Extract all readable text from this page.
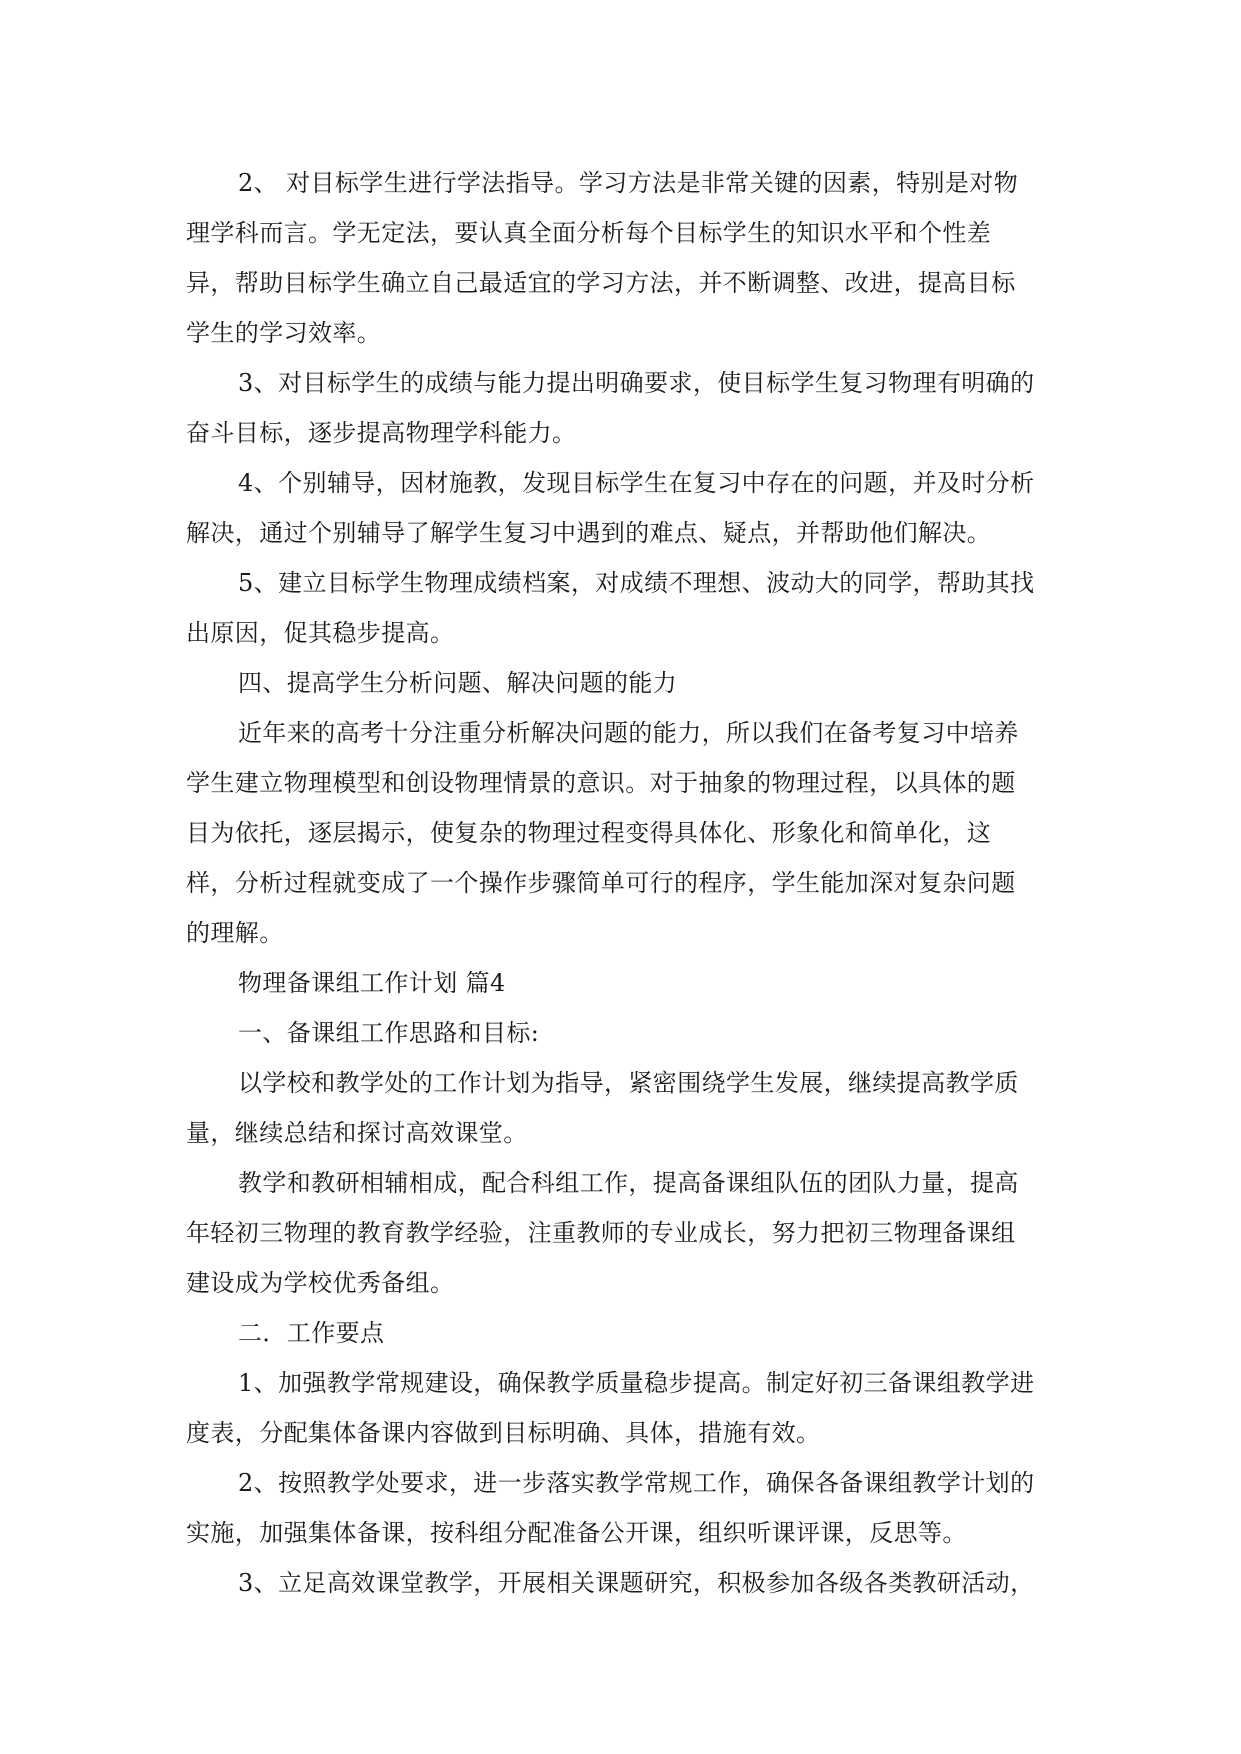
2、 对目标学生进行学法指导。学习方法是非常关键的因素，特别是对物
理学科而言。学无定法，要认真全面分析每个目标学生的知识水平和个性差
异，帮助目标学生确立自己最适宜的学习方法，并不断调整、改进，提高目标
学生的学习效率。
3、对目标学生的成绩与能力提出明确要求，使目标学生复习物理有明确的
奋斗目标，逐步提高物理学科能力。
4、个别辅导，因材施教，发现目标学生在复习中存在的问题，并及时分析
解决，通过个别辅导了解学生复习中遇到的难点、疑点，并帮助他们解决。
5、建立目标学生物理成绩档案，对成绩不理想、波动大的同学，帮助其找
出原因，促其稳步提高。
四、提高学生分析问题、解决问题的能力
近年来的高考十分注重分析解决问题的能力，所以我们在备考复习中培养
学生建立物理模型和创设物理情景的意识。对于抽象的物理过程，以具体的题
目为依托，逐层揭示，使复杂的物理过程变得具体化、形象化和简单化，这
样，分析过程就变成了一个操作步骤简单可行的程序，学生能加深对复杂问题
的理解。
物理备课组工作计划 篇4
一、备课组工作思路和目标:
以学校和教学处的工作计划为指导，紧密围绕学生发展，继续提高教学质
量，继续总结和探讨高效课堂。
教学和教研相辅相成，配合科组工作，提高备课组队伍的团队力量，提高
年轻初三物理的教育教学经验，注重教师的专业成长，努力把初三物理备课组
建设成为学校优秀备组。
二．工作要点
1、加强教学常规建设，确保教学质量稳步提高。制定好初三备课组教学进
度表，分配集体备课内容做到目标明确、具体，措施有效。
2、按照教学处要求，进一步落实教学常规工作，确保各备课组教学计划的
实施，加强集体备课，按科组分配准备公开课，组织听课评课，反思等。
3、立足高效课堂教学，开展相关课题研究，积极参加各级各类教研活动，
